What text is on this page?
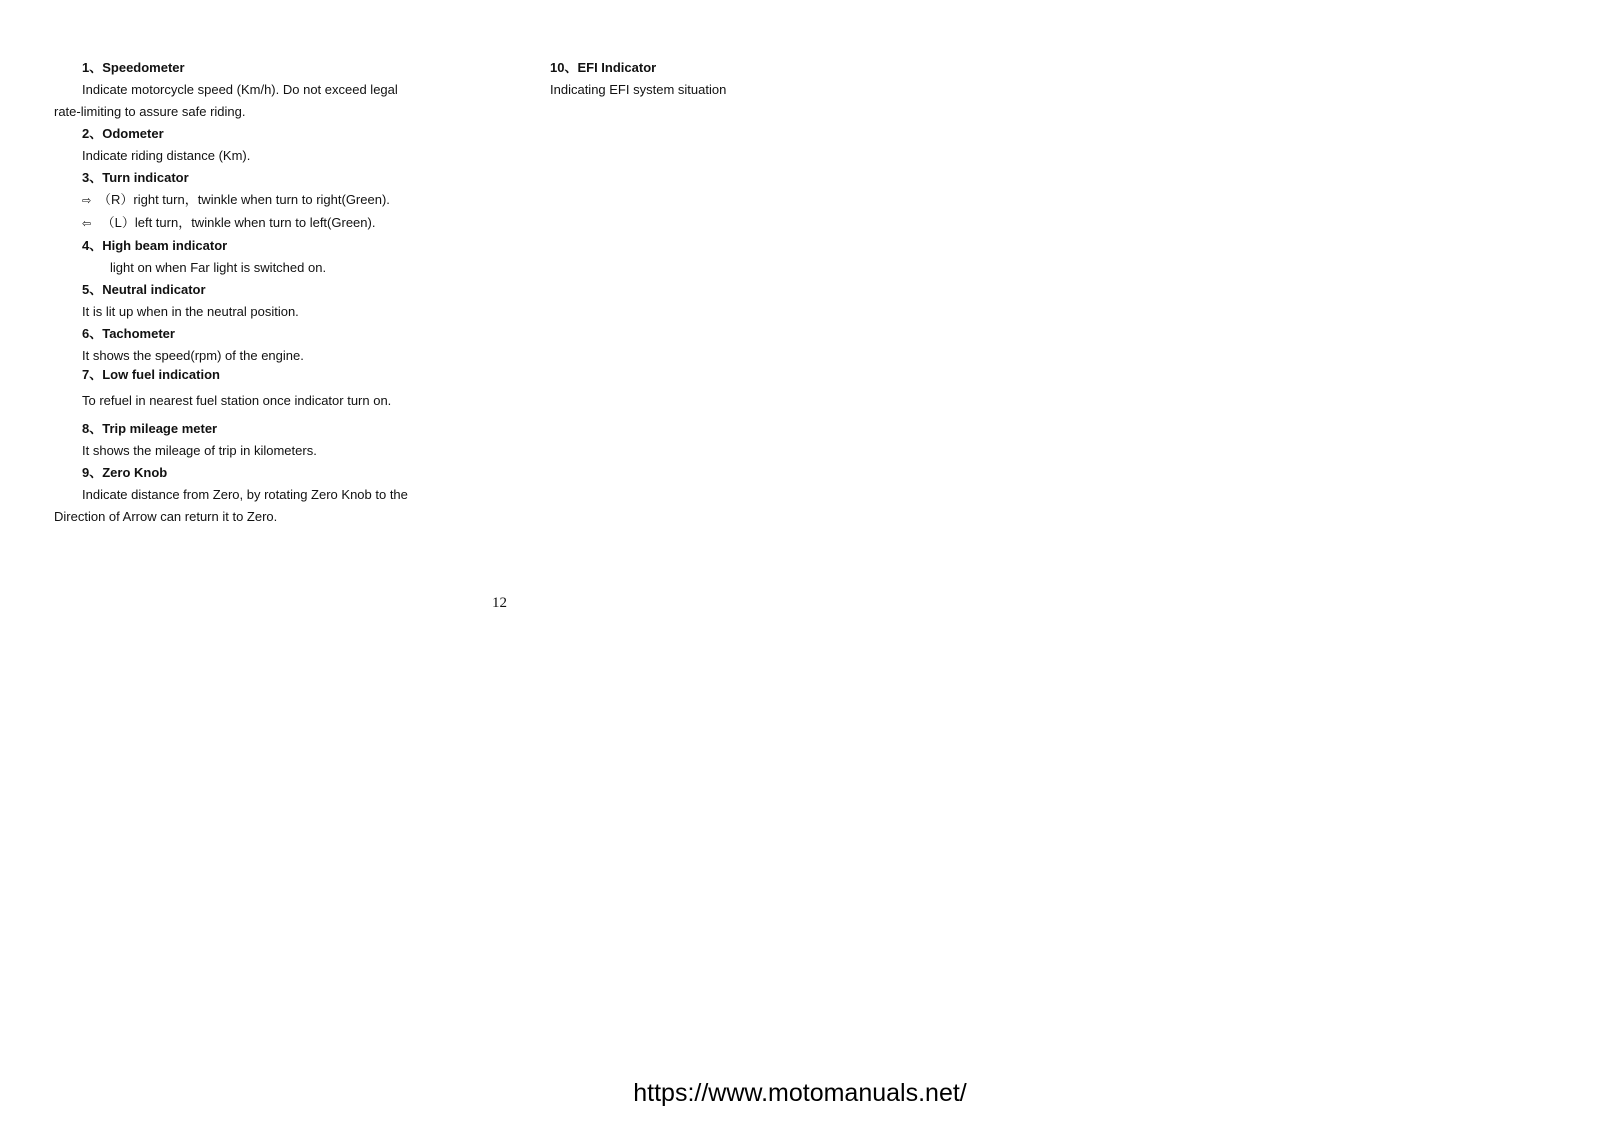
1、Speedometer

Indicate motorcycle speed (Km/h). Do not exceed legal

rate-limiting to assure safe riding.

2、Odometer

Indicate riding distance (Km).

3、Turn indicator

⇨ （R）right turn，twinkle when turn to right(Green).

⇦ （L）left turn，twinkle when turn to left(Green).

4、High beam indicator

light on when Far light is switched on.

5、Neutral indicator

It is lit up when in the neutral position.

6、Tachometer

It shows the speed(rpm) of the engine.

7、Low fuel indication

To refuel in nearest fuel station once indicator turn on.

8、Trip mileage meter

It shows the mileage of trip in kilometers.

9、Zero Knob

Indicate distance from Zero, by rotating Zero Knob to the

Direction of Arrow can return it to Zero.

10、EFI Indicator

Indicating EFI system situation

12
https://www.motomanuals.net/
